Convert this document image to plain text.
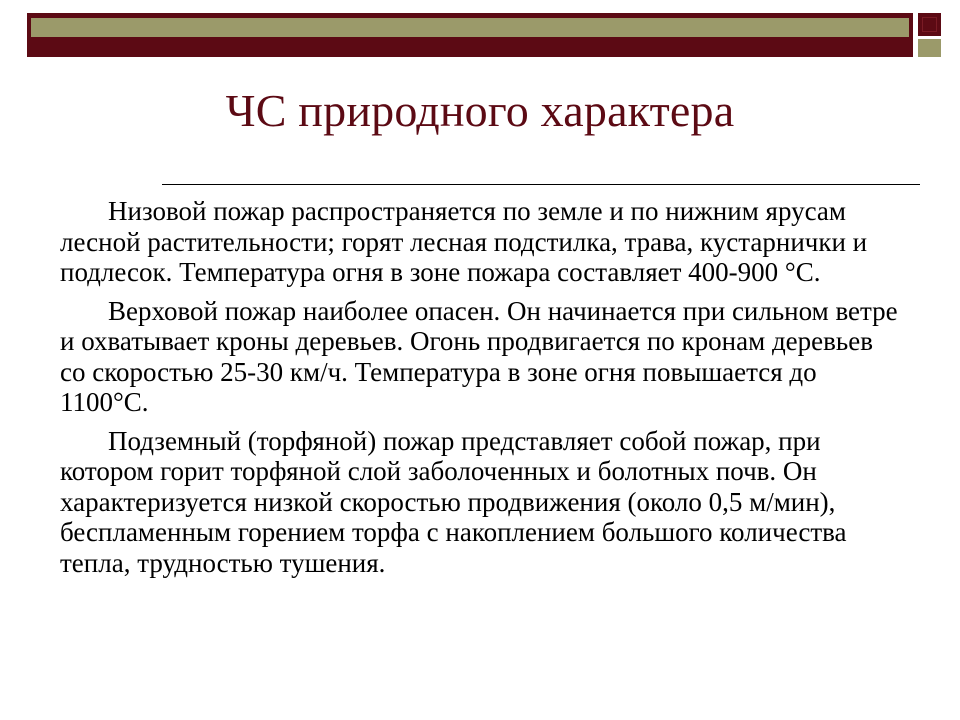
ЧС природного характера

Низовой пожар распространяется по земле и по нижним ярусам лесной растительности; горят лесная подстилка, трава, кустарнички и подлесок. Температура огня в зоне пожара составляет 400-900 °С.

Верховой пожар наиболее опасен. Он начинается при сильном ветре и охватывает кроны деревьев. Огонь продвигается по кронам деревьев со скоростью 25-30 км/ч. Температура в зоне огня повышается до 1100°С.

Подземный (торфяной) пожар представляет собой пожар, при котором горит торфяной слой заболоченных и болотных почв. Он характеризуется низкой скоростью продвижения (около 0,5 м/мин), беспламенным горением торфа с накоплением большого количества тепла, трудностью тушения.
